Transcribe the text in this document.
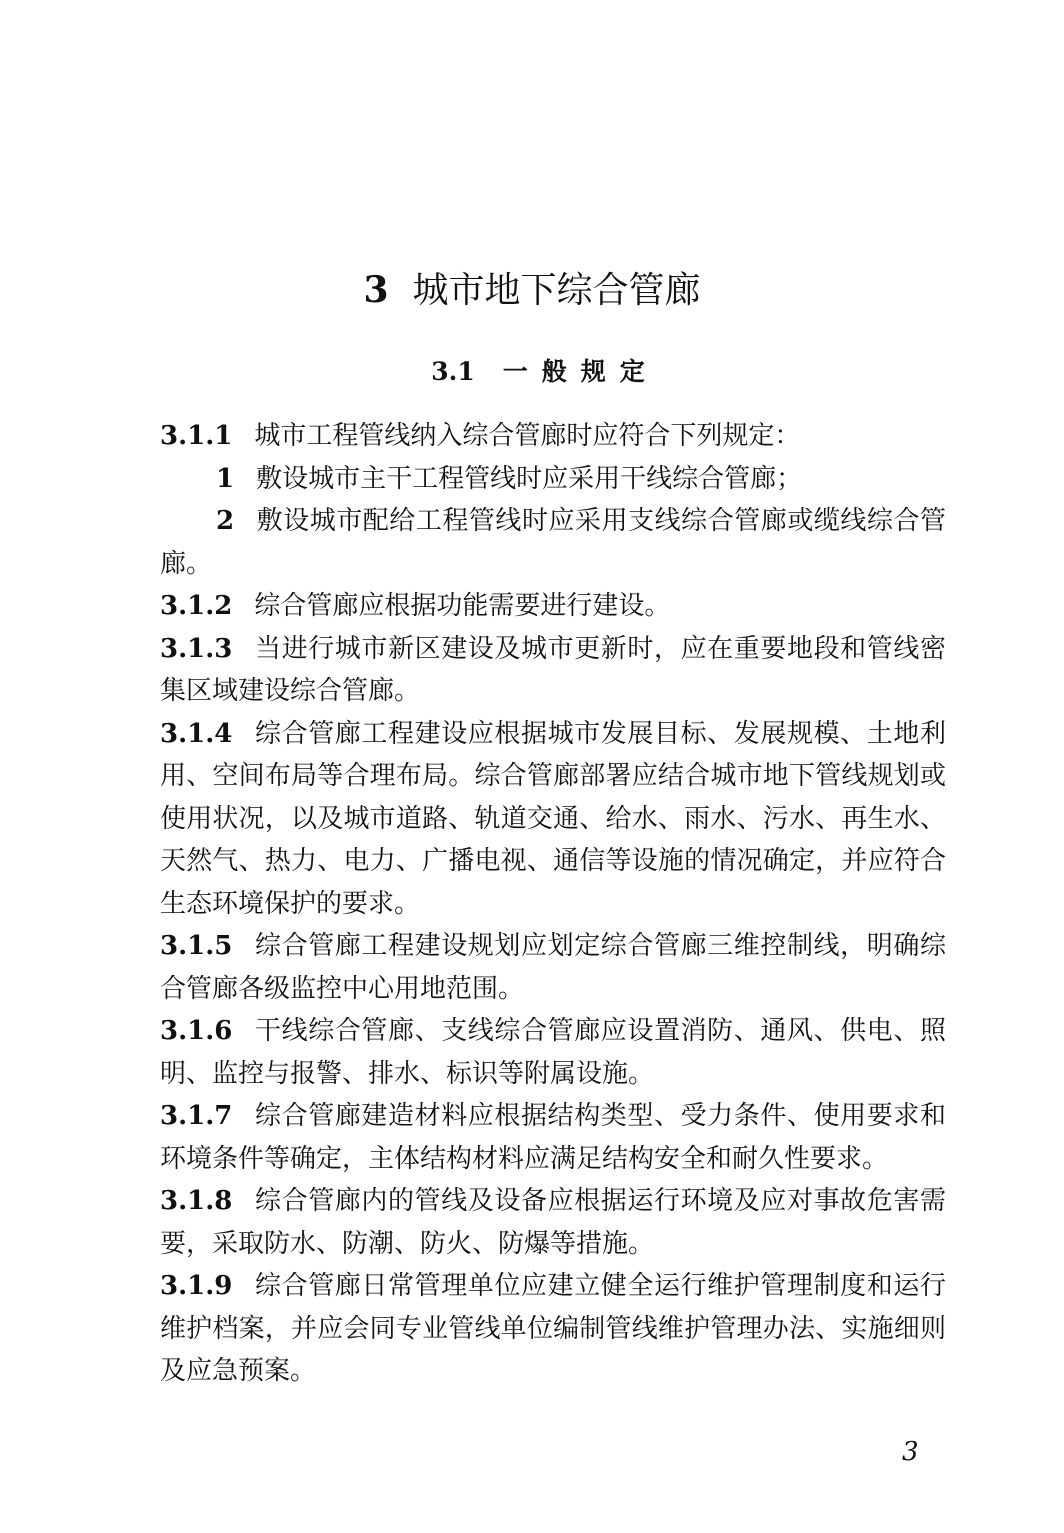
3 城市地下综合管廊
3.1 一般规定

3.1.1 城市工程管线纳入综合管廊时应符合下列规定：

1 敷设城市主干工程管线时应采用干线综合管廊；

2 敷设城市配给工程管线时应采用支线综合管廊或缆线综合管廊。

3.1.2 综合管廊应根据功能需要进行建设。

3.1.3 当进行城市新区建设及城市更新时，应在重要地段和管线密集区域建设综合管廊。

3.1.4 综合管廊工程建设应根据城市发展目标、发展规模、土地利用、空间布局等合理布局。综合管廊部署应结合城市地下管线规划或使用状况，以及城市道路、轨道交通、给水、雨水、污水、再生水、天然气、热力、电力、广播电视、通信等设施的情况确定，并应符合生态环境保护的要求。

3.1.5 综合管廊工程建设规划应划定综合管廊三维控制线，明确综合管廊各级监控中心用地范围。

3.1.6 干线综合管廊、支线综合管廊应设置消防、通风、供电、照明、监控与报警、排水、标识等附属设施。

3.1.7 综合管廊建造材料应根据结构类型、受力条件、使用要求和环境条件等确定，主体结构材料应满足结构安全和耐久性要求。

3.1.8 综合管廊内的管线及设备应根据运行环境及应对事故危害需要，采取防水、防潮、防火、防爆等措施。

3.1.9 综合管廊日常管理单位应建立健全运行维护管理制度和运行维护档案，并应会同专业管线单位编制管线维护管理办法、实施细则及应急预案。

3
